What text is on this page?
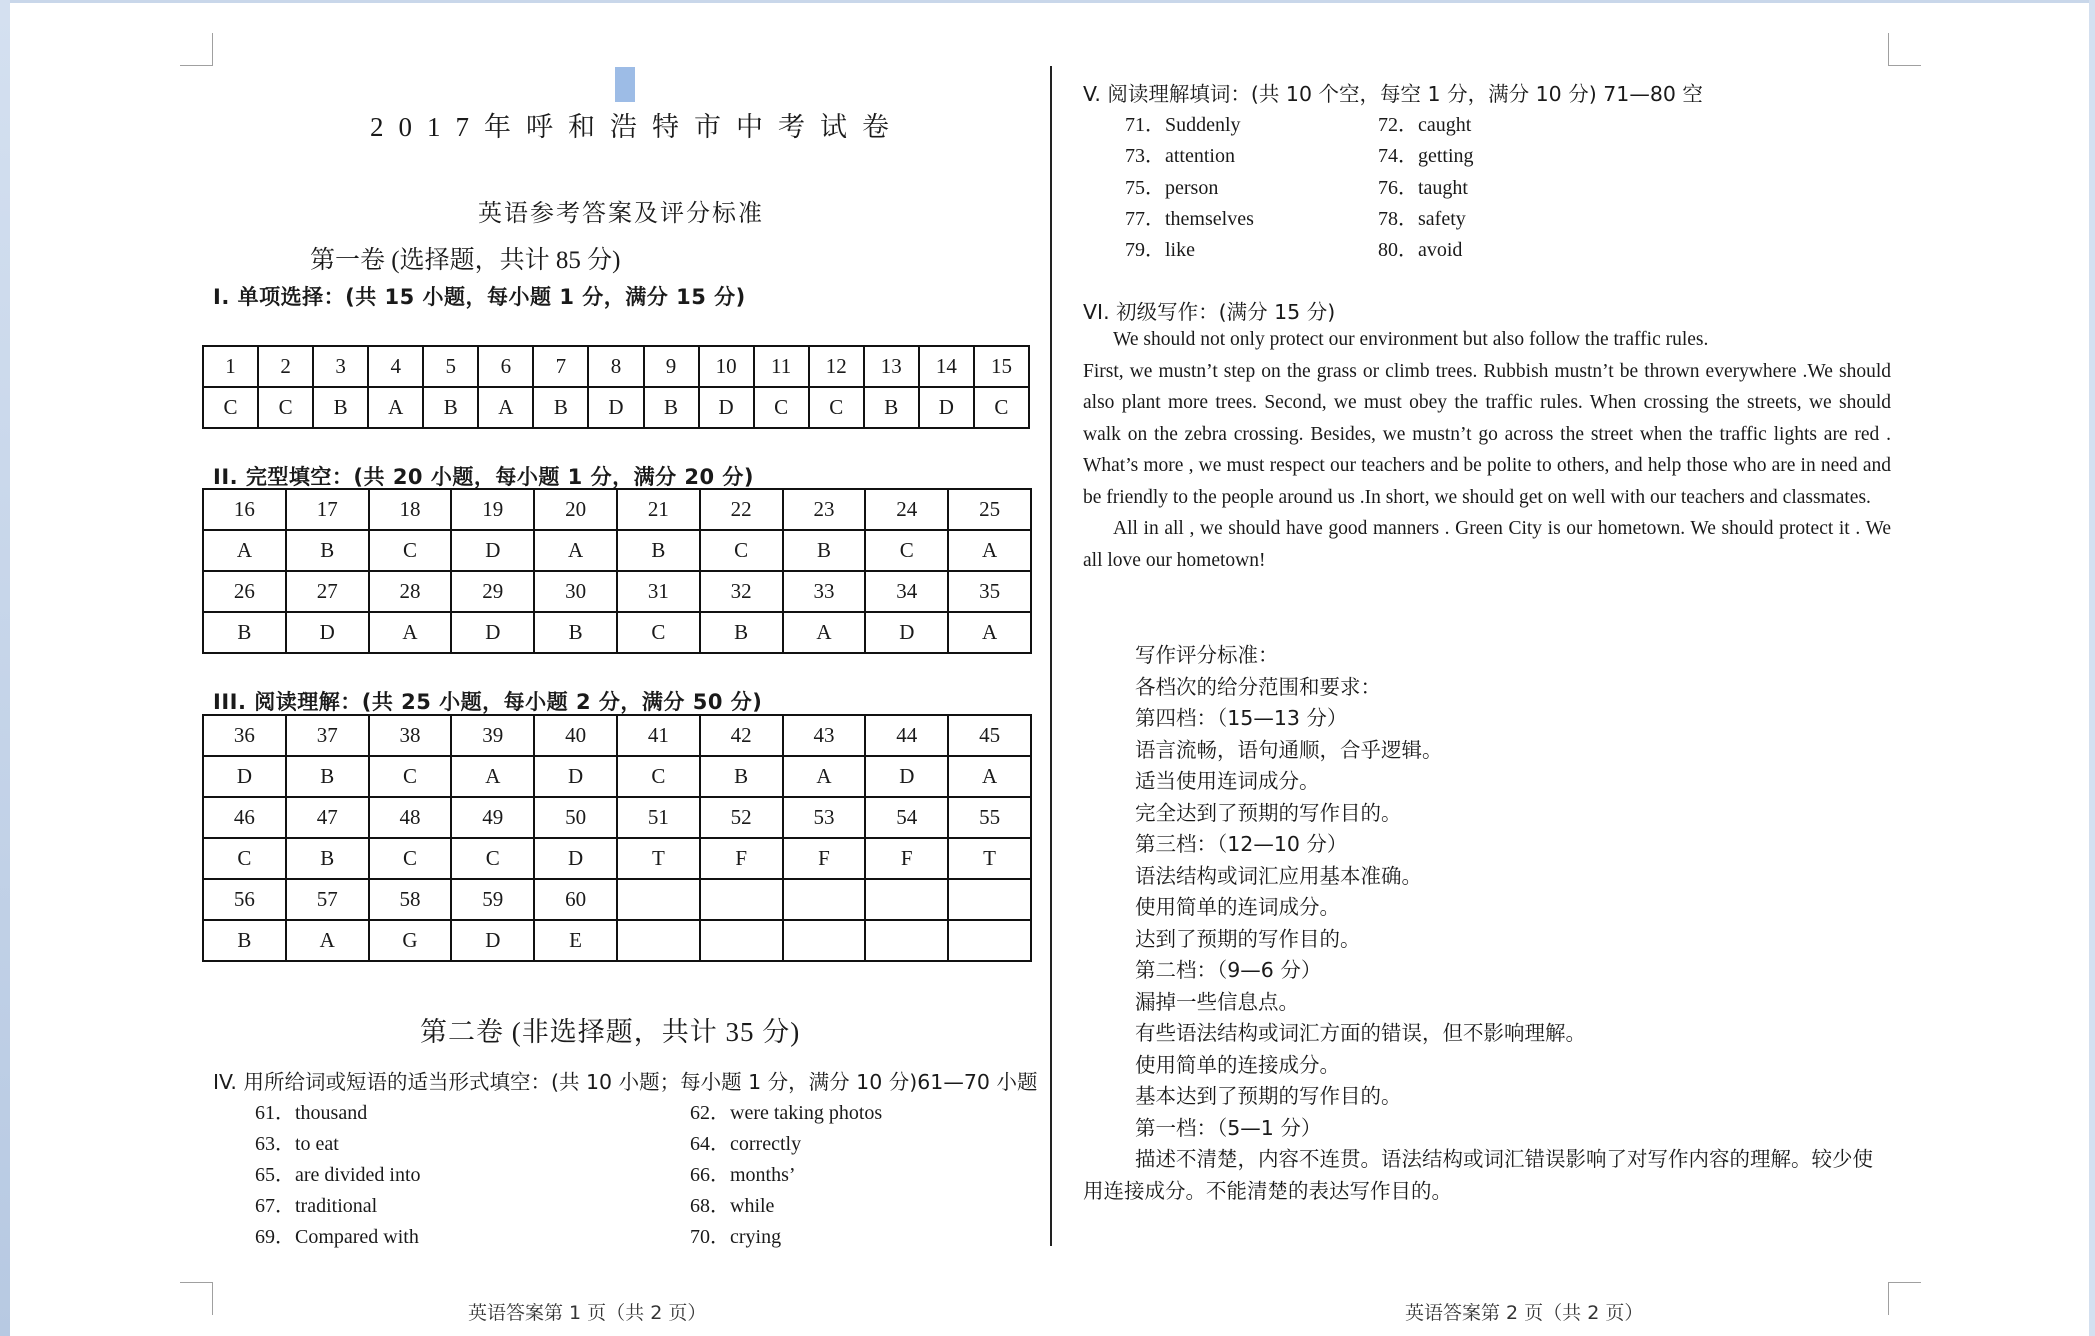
2017年呼和浩特市中考试卷
英语参考答案及评分标准
第一卷 (选择题，共计 85 分)
I. 单项选择：(共 15 小题，每小题 1 分，满分 15 分)
1	2	3	4	5	6	7	8	9	10	11	12	13	14	15
C	C	B	A	B	A	B	D	B	D	C	C	B	D	C
II. 完型填空：(共 20 小题，每小题 1 分，满分 20 分)
16	17	18	19	20	21	22	23	24	25
A	B	C	D	A	B	C	B	C	A
26	27	28	29	30	31	32	33	34	35
B	D	A	D	B	C	B	A	D	A
III. 阅读理解：(共 25 小题，每小题 2 分，满分 50 分)
36	37	38	39	40	41	42	43	44	45
D	B	C	A	D	C	B	A	D	A
46	47	48	49	50	51	52	53	54	55
C	B	C	C	D	T	F	F	F	T
56	57	58	59	60					
B	A	G	D	E					
第二卷 (非选择题，共计 35 分)
IV. 用所给词或短语的适当形式填空：(共 10 小题；每小题 1 分，满分 10 分)61—70 小题
61．thousand	62．were taking photos
63．to eat	64．correctly
65．are divided into	66．months’
67．traditional	68．while
69．Compared with	70．crying
英语答案第 1 页（共 2 页）
V. 阅读理解填词：(共 10 个空，每空 1 分，满分 10 分) 71—80 空
71．Suddenly	72．caught
73．attention	74．getting
75．person	76．taught
77．themselves	78．safety
79．like	80．avoid
VI. 初级写作：(满分 15 分)

We should not only protect our environment but also follow the traffic rules.

First, we mustn’t step on the grass or climb trees. Rubbish mustn’t be thrown everywhere .We should also plant more trees. Second, we must obey the traffic rules. When crossing the streets, we should walk on the zebra crossing. Besides, we mustn’t go across the street when the traffic lights are red . What’s more , we must respect our teachers and be polite to others, and help those who are in need and be friendly to the people around us .In short, we should get on well with our teachers and classmates.

All in all , we should have good manners . Green City is our hometown. We should protect it . We all love our hometown!

写作评分标准：
各档次的给分范围和要求：
第四档：（15—13 分）
语言流畅，语句通顺，合乎逻辑。
适当使用连词成分。
完全达到了预期的写作目的。
第三档：（12—10 分）
语法结构或词汇应用基本准确。
使用简单的连词成分。
达到了预期的写作目的。
第二档：（9—6 分）
漏掉一些信息点。
有些语法结构或词汇方面的错误，但不影响理解。
使用简单的连接成分。
基本达到了预期的写作目的。
第一档：（5—1 分）
描述不清楚，内容不连贯。语法结构或词汇错误影响了对写作内容的理解。较少使用连接成分。不能清楚的表达写作目的。
英语答案第 2 页（共 2 页）
